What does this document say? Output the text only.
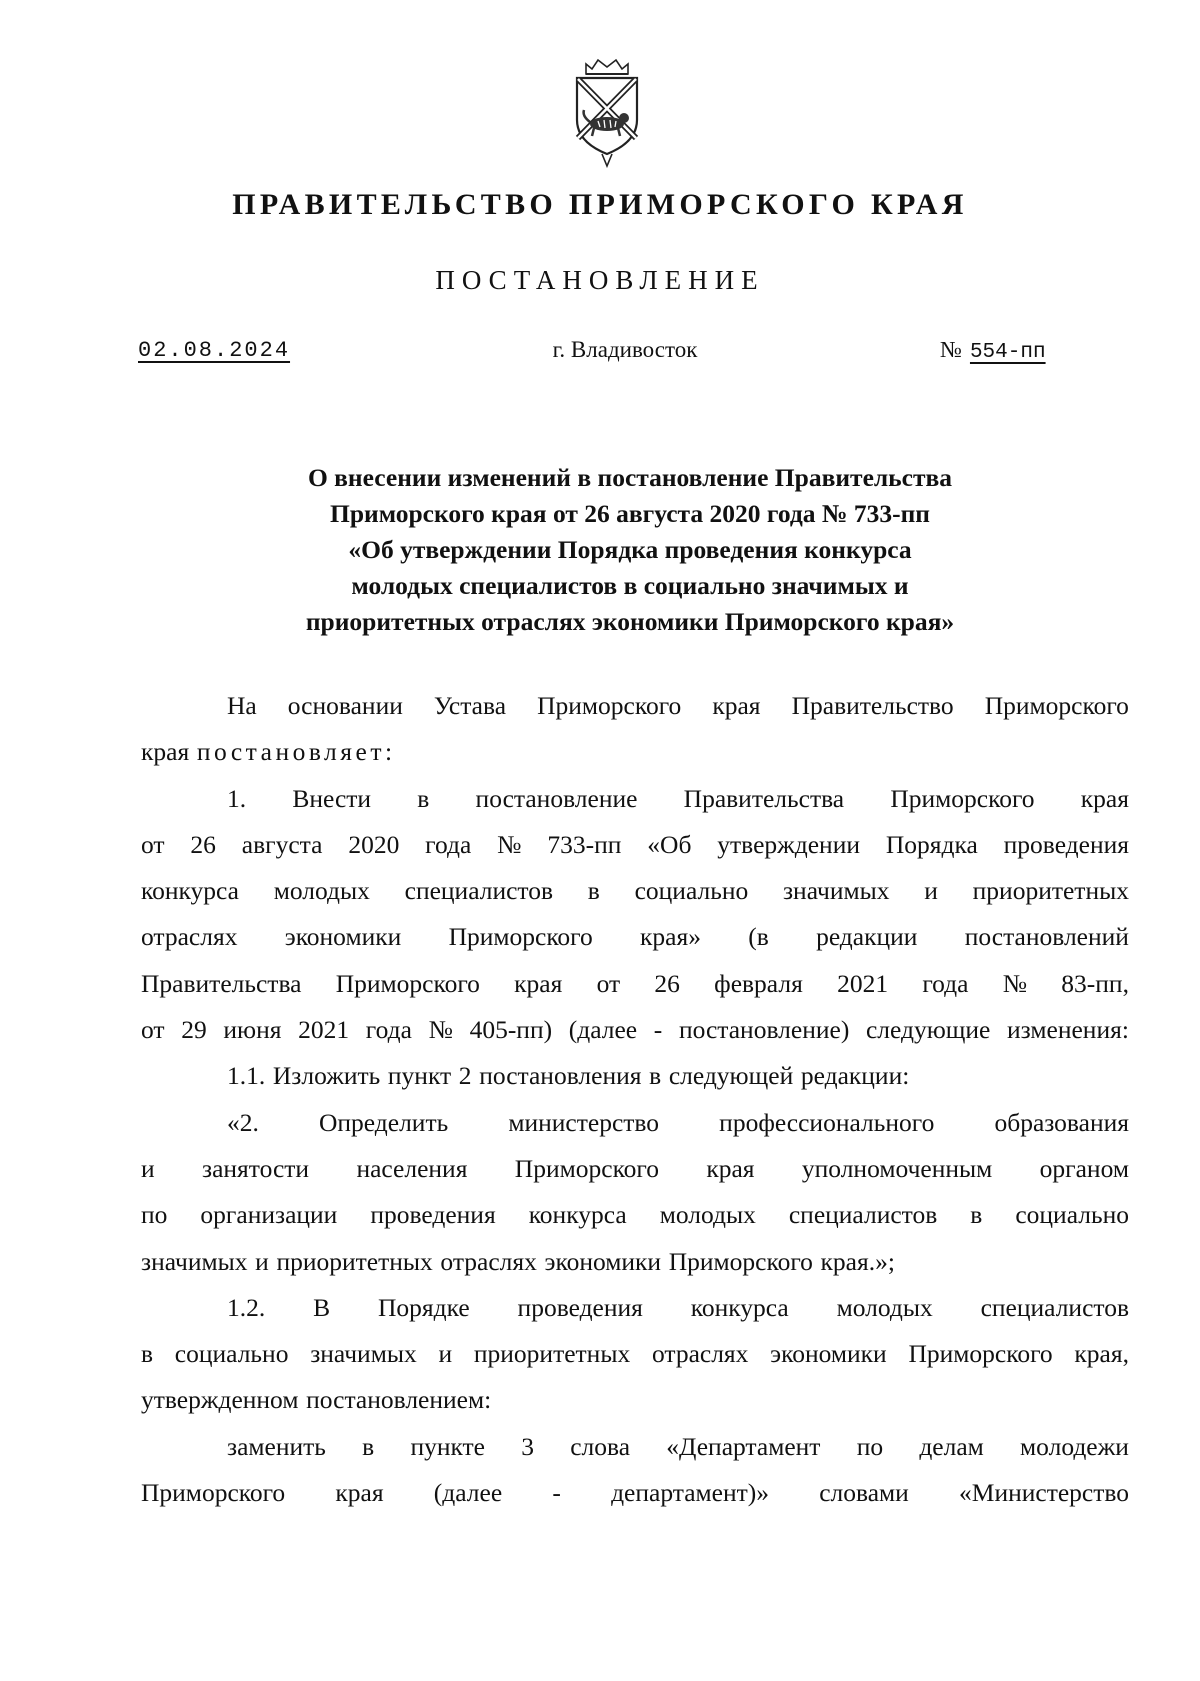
ПРАВИТЕЛЬСТВО ПРИМОРСКОГО КРАЯ
ПОСТАНОВЛЕНИЕ
02.08.2024	г. Владивосток	№ 554-пп
О внесении изменений в постановление Правительства
Приморского края от 26 августа 2020 года № 733-пп
«Об утверждении Порядка проведения конкурса
молодых специалистов в социально значимых и
приоритетных отраслях экономики Приморского края»
На основании Устава Приморского края Правительство Приморского
края постановляет:
1. Внести в постановление Правительства Приморского края
от 26 августа 2020 года № 733-пп «Об утверждении Порядка проведения
конкурса молодых специалистов в социально значимых и приоритетных
отраслях экономики Приморского края» (в редакции постановлений
Правительства Приморского края от 26 февраля 2021 года № 83-пп,
от 29 июня 2021 года № 405-пп) (далее - постановление) следующие изменения:
1.1. Изложить пункт 2 постановления в следующей редакции:
«2. Определить министерство профессионального образования
и занятости населения Приморского края уполномоченным органом
по организации проведения конкурса молодых специалистов в социально
значимых и приоритетных отраслях экономики Приморского края.»;
1.2. В Порядке проведения конкурса молодых специалистов
в социально значимых и приоритетных отраслях экономики Приморского края,
утвержденном постановлением:
заменить в пункте 3 слова «Департамент по делам молодежи
Приморского края (далее - департамент)» словами «Министерство
